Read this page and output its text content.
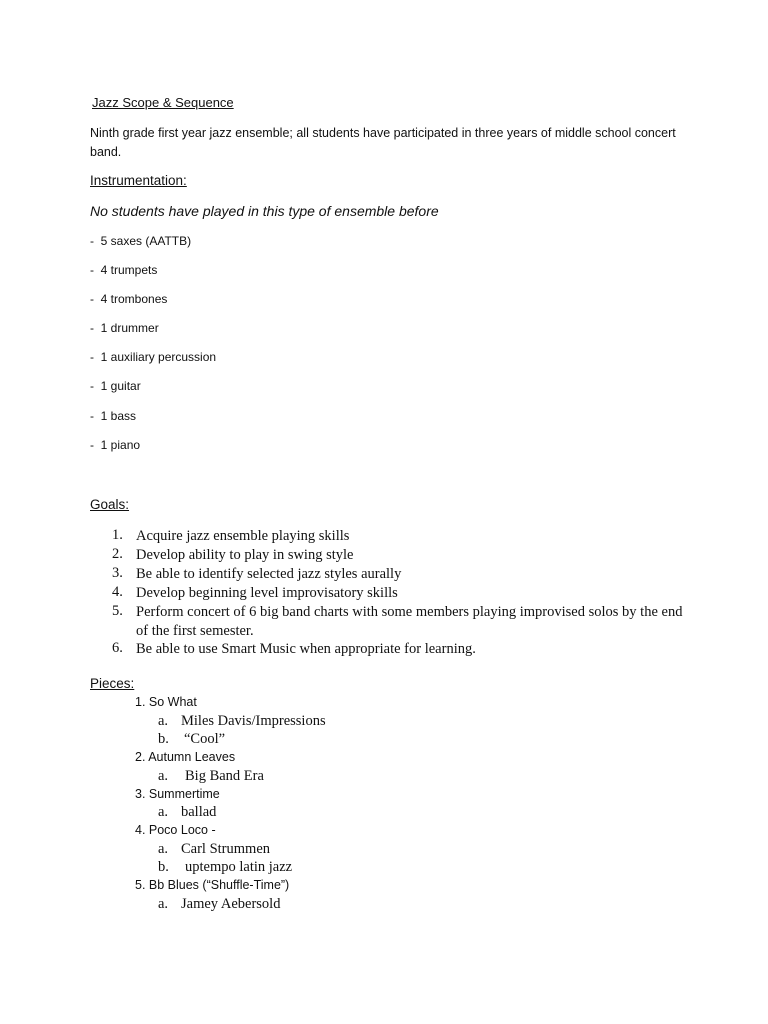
Jazz Scope & Sequence
Ninth grade first year jazz ensemble; all students have participated in three years of middle school concert band.
Instrumentation:
No students have played in this type of ensemble before
- 5 saxes (AATTB)
- 4 trumpets
- 4 trombones
- 1 drummer
- 1 auxiliary percussion
- 1 guitar
- 1 bass
- 1 piano
Goals:
1. Acquire jazz ensemble playing skills
2. Develop ability to play in swing style
3. Be able to identify selected jazz styles aurally
4. Develop beginning level improvisatory skills
5. Perform concert of 6 big band charts with some members playing improvised solos by the end of the first semester.
6. Be able to use Smart Music when appropriate for learning.
Pieces:
1. So What
a. Miles Davis/Impressions
b. “Cool”
2. Autumn Leaves
a. Big Band Era
3. Summertime
a. ballad
4. Poco Loco -
a. Carl Strummen
b. uptempo latin jazz
5. Bb Blues (“Shuffle-Time”)
a. Jamey Aebersold
